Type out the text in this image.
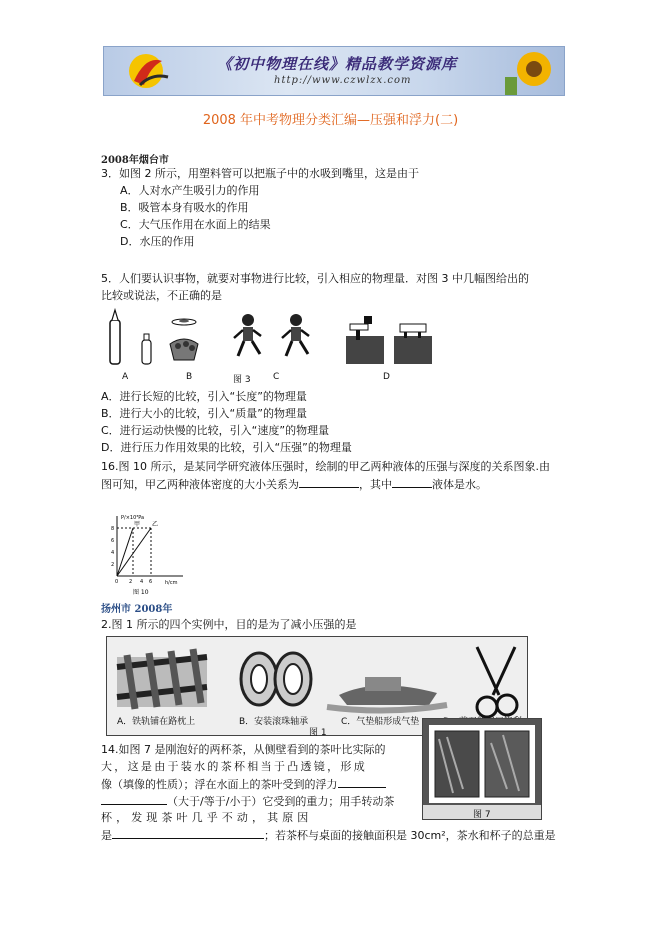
《初中物理在线》精品教学资源库
http://www.czwlzx.com
2008 年中考物理分类汇编—压强和浮力(二)
2008年烟台市
3．如图 2 所示，用塑料管可以把瓶子中的水吸到嘴里，这是由于
A．人对水产生吸引力的作用
B．吸管本身有吸水的作用
C．大气压作用在水面上的结果
D．水压的作用
5．人们要认识事物，就要对事物进行比较，引入相应的物理量．对图 3 中几幅图给出的
比较或说法，不正确的是
A	B	图 3 C	D
A．进行长短的比较，引入“长度”的物理量
B．进行大小的比较，引入“质量”的物理量
C．进行运动快慢的比较，引入“速度”的物理量
D．进行压力作用效果的比较，引入“压强”的物理量
16.图 10 所示，是某同学研究液体压强时，绘制的甲乙两种液体的压强与深度的关系图象.由
图可知，甲乙两种液体密度的大小关系为	，其中	液体是水。
P/×10³Pa
h/cm
8
6
4
2
0 2 4 6
甲 乙
图 10
扬州市 2008年
2.图 1 所示的四个实例中，目的是为了减小压强的是
A．铁轨铺在路枕上	B．安装滚珠轴承	C．气垫船形成气垫
图 1
图 7
14.如图 7 是刚泡好的两杯茶，从侧壁看到的茶叶比实际的
大，这是由于装水的茶杯相当于凸透镜，形成
像（填像的性质）；浮在水面上的茶叶受到的浮力
（大于/等于/小于）它受到的重力；用手转动茶
杯，发现茶叶几乎不动，其原因
是	；若茶杯与桌面的接触面积是 30cm²，茶水和杯子的总重是
